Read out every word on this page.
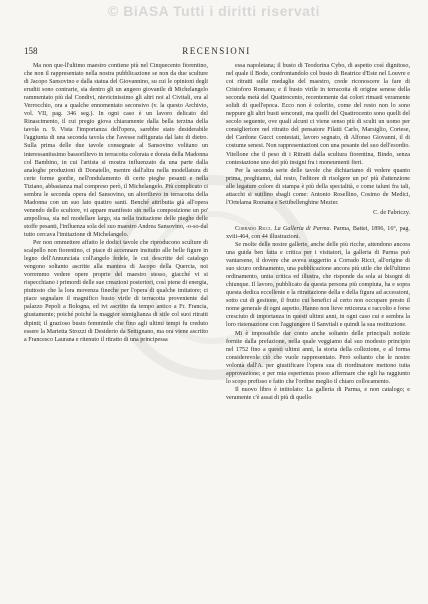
© BiASA Tutti i diritti riservati
158	RECENSIONI

Ma non que-ll'ultimo maestro contiene più nel Cinquecento fiorentino, che non il rappresentato nella nostra pubblicazione se non da due sculture di Jacopo Sansovino e dalla statua del Giovannino, su cui le opinioni degli eruditi sono contrarie, sia dentro gli un angeeo giovanile di Michelangelo rammentato più dal Condivi, nievicinissimo gli altri noi al Civitali, era al Verrocchio, ora a qualche ennomentato seconsivo (v. la questo Archivio, vol. VII, pag. 346 seg.). In ogni caso è un lavoro delicato del Rinascimento, il cui pregio giova chiaramente dalla bella terzina della tavola n. 9. Vista l'importanza dell'opera, sarebbe stato desiderabile l'aggiunta di una seconda tavola che l'avesse raffigurata dal lato di dietro. Sulla prima delle due tavole consegnate al Sansovino volitano un interessantissimo bassorilievo in terracotta colorata e dorata della Madonna col Bambino, in cui l'artista si mostra influenzato da una parte dalla analoghe produzioni di Donatello, mentre dall'altra nella modellatura di certe forme gonfie, nell'ondulamento di certe pieghe pesanti e nella Tiziano, abbastanza mal compreso però, il Michelangelo. Più complicato ci sembra le seconda opera del Sansovino, un altorilievo in terracotta della Madonna con un suo lato quattro santi. Benché attribuita già all'opera venendo dello scultore, vi appare manifesto sin nella composizione un po' ampollosa, sia nel modellare largo, sia nella trattazione delle pieghe delle stoffe pesanti, l'influenza sola del suo maestro Andrea Sansovino, -o-so-dal tutto cercava l'imitazione di Michelangelo.

Per non ommettere affatto le dodici tavole che riproducono sculture di scalpello non fiorentino, ci piace di accennare insituito alle belle figure in legno dell'Annunciata coll'angelo fedele, le cui descritte del catalogo vengono soltanto ascritte alla maniera di Jacopo della Quercia, noi vorremmo vedere opere proprie del maestro stesso, giacché vi si rispecchiano i primordi delle sue creazioni posteriori, così piene di energia, piuttosto che la lora movenza fineche per l'opera di qualche imitatore; ci piace segnalare il magnifico busto virile di terracotta proveniente dal palazzo Pepoli a Bologna, ed ivi ascritto da tempo antico a Fr. Francia, giustamente; poiché poiché la maggior somiglianza di stile col suoi ritratti dipinti; il grazioso busto femminile che fino agli ultimi tempi fu creduto essere la Marietta Strozzi di Desiderio da Settignano, ma ora viene ascritto a Francesco Laurana e ritenuto il ritratto di una principessa

essa napoletana; il busto di Teodorina Cybo, di aspetto così dignitoso, nel quale il Bode, confrontandolo col busto di Beatrice d'Este nel Louvre e coi ritratti sulle medaglie del maestro, crede riconoscere la fare di Cristoforo Romano; e il busto virile in terracotta di origine senese della seconda metà del Quattrocento, recentemente dai colori rimasti veramente solidi di quell'epoca. Ecco non è colorito, come del resto non lo sono neppure gli altri busti sencorati, ma quelli del Quattrocento sono quelli del secolo seguente, ove quali alcuni ci viene senso più di sculti un uomo per consiglieriore nel ritratto del pensatore Filatti Carlo, Marsiglio, Cortese, del Cardone Gucci contestati, lavoro segnato, di Alfonso Giovanni, il di costume senesi. Non rappresentazioni con una pesante del suo dell'esordio. Vitellone che il peso di i Ritratti dalla scultura fiorentina, Bindo, senza contestazione uno dei più insigni fra i moneumenti fieri.

Per la seconda serie delle tavole che dichiariamo di vedere quanto prima, preghiamo, dal resto, l'editore di risolgere un po' più d'attenzione alle legature colore di stampa è più della specialità, e come taluni fra tali, attacchi si sutilino sbagli come: Antonio Rosellino, Cosimo de Medici, l'Ortelama Romana e Settibellenghine Mezier.

C. de Fabriczy.

Corrado Ricci. La Galleria di Parma. Parma, Battei, 1896, 16°, pag. xviii-464, con 44 illustrazioni.

Se molte delle nostre gallerie, anche delle più ricche, attendono ancora una guida ben fatta e critica per i visitatori, la galleria di Parma può vantarsene, il dovere che aveva suggerito a Corrado Ricci, all'origine di suo sicuro ordinamento, una pubblicazione ancora più utile che dell'ultimo ordinamento, unita critica ed illustra, che risponde da sola ai bisogni di chiunque. Il lavoro, pubblicato da questa persona più compiuta, ha e sopra questa dedica eccellente e la ritrattazione della e della figura ad accessioni, sotto cui di gestione, il frutto cui benefici al certo non occupare presto il nome generale di ogni aspetto. Hanno non lieve reticenza e raccolto e forse cresciuto di importanza in questi ultimi anni, in ogni caso cui e sembra la loro ristemazione con l'aggiungere il Sanvitali e quindi la sua restituzione.

Mi è impossibile dar conto anche soltanto delle principali notizie fornite dalla prefazione, nella quale veggiamo dal suo modesto principio nel 1752 fino a questi ultimi anni, la storia della collezione, e al forma considerevole ciò che vuole rappresentato. Però soltanto che le nostre volontà dall'A. per giustificare l'opera sua di riordinatore mettono tutta approvazione; e per mia esperienza posso affermare che egli ha raggiunto lo scopo prefisso e fatto che l'ordine meglio il chiaro collocamento.

Il nuovo libro è intitolato: La galleria di Parma, e non catalogo; e veramente c'è assai di più di quello
